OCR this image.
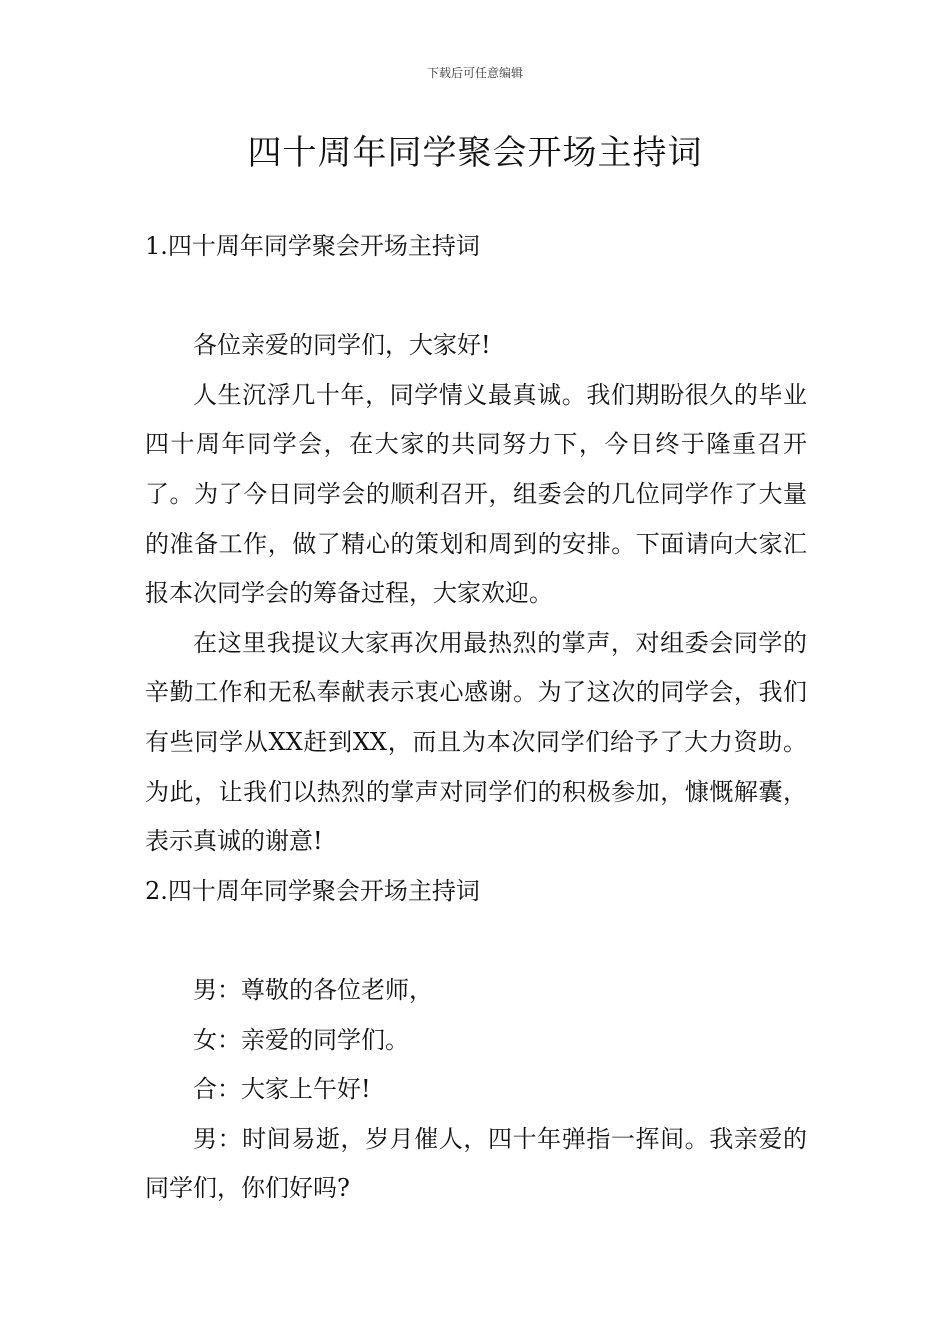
下载后可任意编辑
四十周年同学聚会开场主持词
1.四十周年同学聚会开场主持词

各位亲爱的同学们，大家好!

人生沉浮几十年，同学情义最真诚。我们期盼很久的毕业四十周年同学会，在大家的共同努力下，今日终于隆重召开了。为了今日同学会的顺利召开，组委会的几位同学作了大量的准备工作，做了精心的策划和周到的安排。下面请向大家汇报本次同学会的筹备过程，大家欢迎。

在这里我提议大家再次用最热烈的掌声，对组委会同学的辛勤工作和无私奉献表示衷心感谢。为了这次的同学会，我们有些同学从XX赶到XX，而且为本次同学们给予了大力资助。为此，让我们以热烈的掌声对同学们的积极参加，慷慨解囊，表示真诚的谢意!

2.四十周年同学聚会开场主持词

男：尊敬的各位老师，

女：亲爱的同学们。

合：大家上午好!

男：时间易逝，岁月催人，四十年弹指一挥间。我亲爱的同学们，你们好吗?
